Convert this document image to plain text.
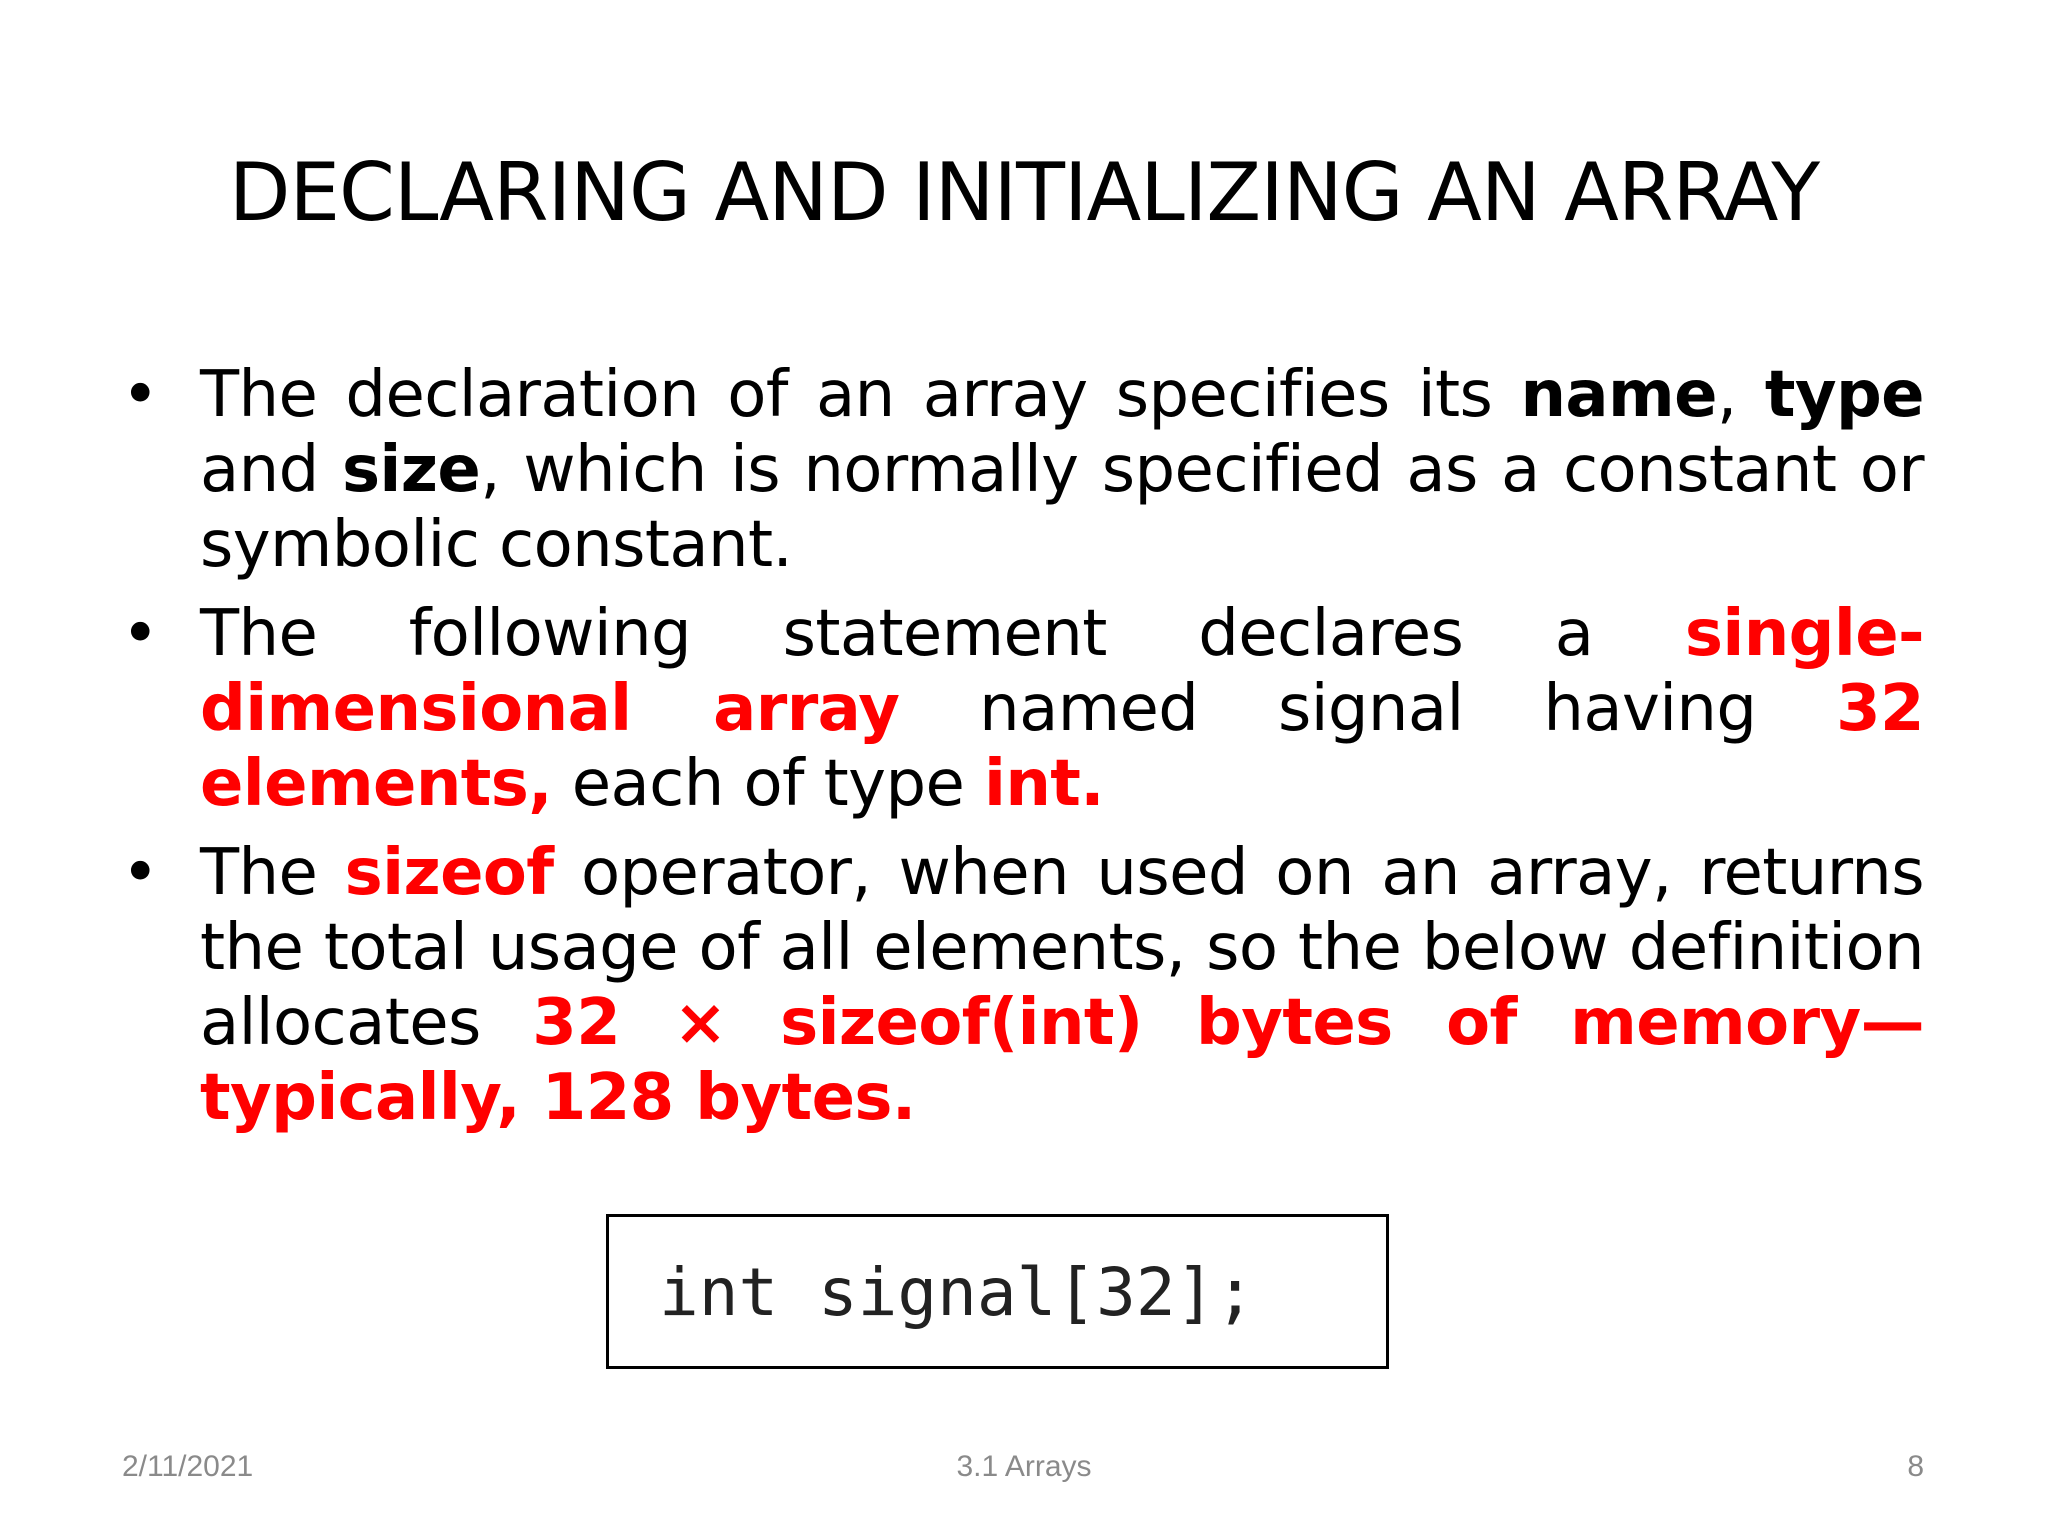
DECLARING AND INITIALIZING AN ARRAY
• The declaration of an array specifies its name, type and size, which is normally specified as a constant or symbolic constant.
• The following statement declares a single-dimensional array named signal having 32 elements, each of type int.
• The sizeof operator, when used on an array, returns the total usage of all elements, so the below definition allocates 32 × sizeof(int) bytes of memory—typically, 128 bytes.
int signal[32];
2/11/2021	3.1 Arrays	8
